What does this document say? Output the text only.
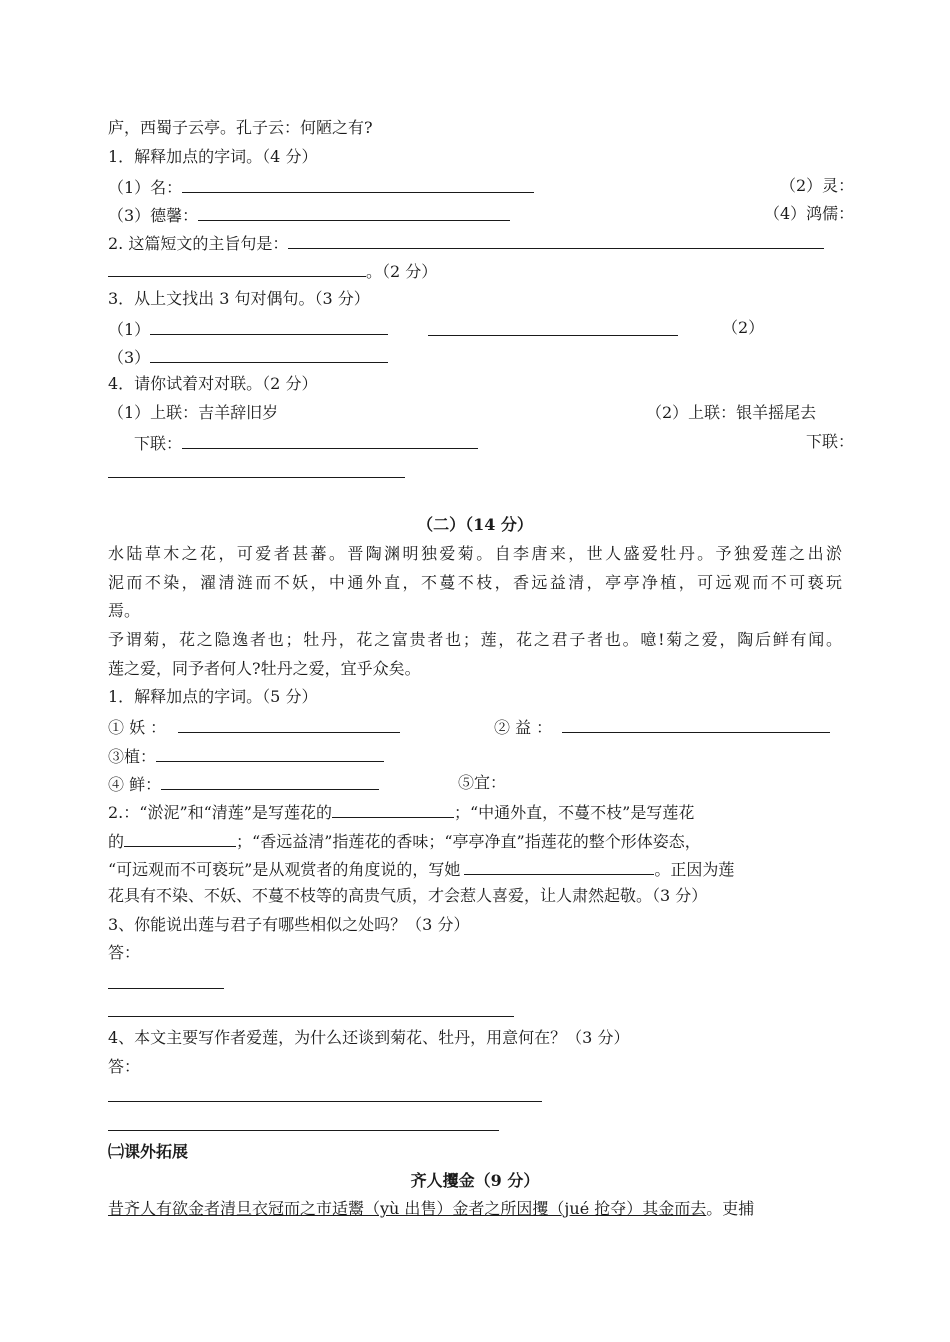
庐，西蜀子云亭。孔子云：何陋之有?
1．解释加点的字词。（4 分）
（1）名：	（2）灵：
（3）德馨：	（4）鸿儒：
2. 这篇短文的主旨句是：
。（2 分）
3．从上文找出 3 句对偶句。（3 分）
（1）	（2）
（3）
4．请你试着对对联。（2 分）
（1）上联：吉羊辞旧岁	（2）上联：银羊摇尾去
下联：	下联：
（二）（14 分）
水陆草木之花，可爱者甚蕃。晋陶渊明独爱菊。自李唐来，世人盛爱牡丹。予独爱莲之出淤
泥而不染，濯清涟而不妖，中通外直，不蔓不枝，香远益清，亭亭净植，可远观而不可亵玩
焉。
予谓菊，花之隐逸者也；牡丹，花之富贵者也；莲，花之君子者也。噫!菊之爱，陶后鲜有闻。
莲之爱，同予者何人?牡丹之爱，宜乎众矣。
1．解释加点的字词。（5 分）
① 妖 ：	② 益 ：
③植：
④ 鲜：	⑤宜：
2.：“淤泥”和“清莲”是写莲花的	；“中通外直，不蔓不枝”是写莲花
的	；“香远益清”指莲花的香味；“亭亭净直”指莲花的整个形体姿态，
“可远观而不可亵玩”是从观赏者的角度说的，写她	。正因为莲
花具有不染、不妖、不蔓不枝等的高贵气质，才会惹人喜爱，让人肃然起敬。（3 分）
3、你能说出莲与君子有哪些相似之处吗？（3 分）
答：
4、本文主要写作者爱莲，为什么还谈到菊花、牡丹，用意何在？（3 分）
答：
㈡课外拓展
齐人攫金（9 分）
昔齐人有欲金者清旦衣冠而之市适鬻（yù 出售）金者之所因攫（jué 抢夺）其金而去。吏捕
